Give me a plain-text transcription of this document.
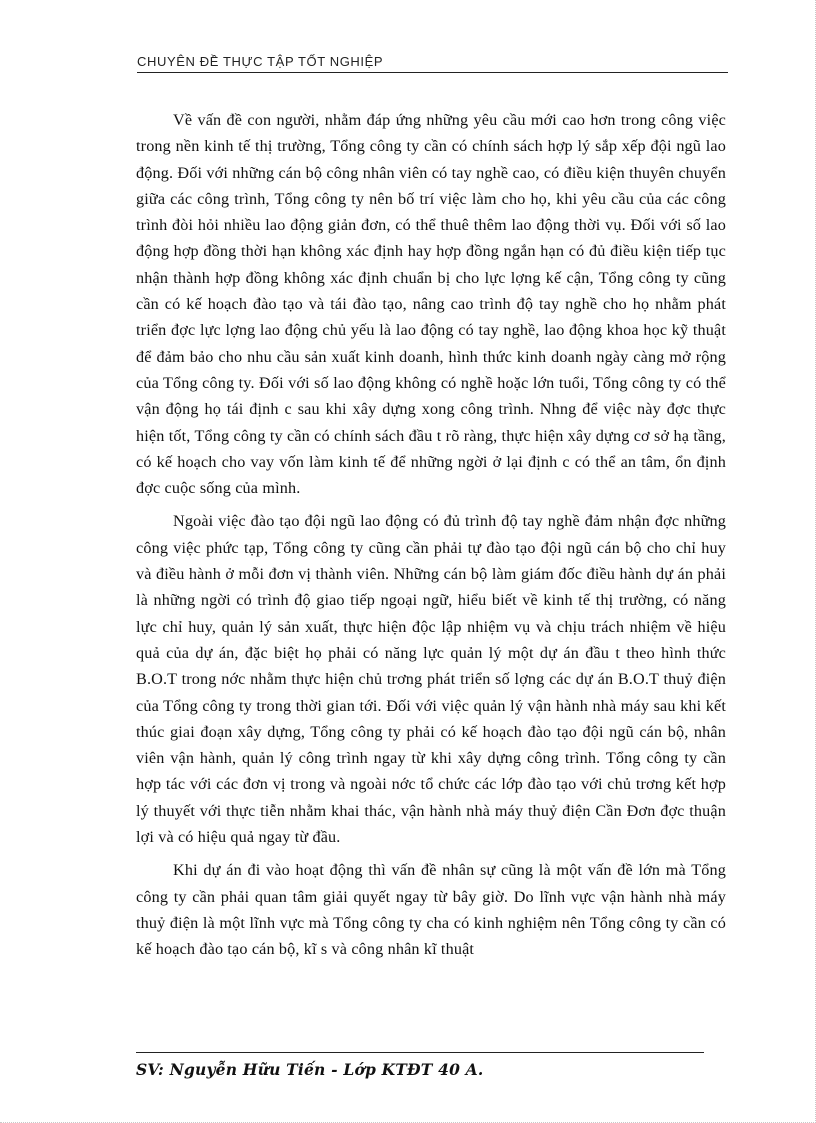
CHUYÊN ĐỀ THỰC TẬP TỐT NGHIỆP

Về vấn đề con người, nhằm đáp ứng những yêu cầu mới cao hơn trong công việc trong nền kinh tế thị trường, Tổng công ty cần có chính sách hợp lý sắp xếp đội ngũ lao động. Đối với những cán bộ công nhân viên có tay nghề cao, có điều kiện thuyên chuyển giữa các công trình, Tổng công ty nên bố trí việc làm cho họ, khi yêu cầu của các công trình đòi hỏi nhiều lao động giản đơn, có thể thuê thêm lao động thời vụ. Đối với số lao động hợp đồng thời hạn không xác định hay hợp đồng ngắn hạn có đủ điều kiện tiếp tục nhận thành hợp đồng không xác định chuẩn bị cho lực lợng kế cận, Tổng công ty cũng cần có kế hoạch đào tạo và tái đào tạo, nâng cao trình độ tay nghề cho họ nhằm phát triển đợc lực lợng lao động chủ yếu là lao động có tay nghề, lao động khoa học kỹ thuật để đảm bảo cho nhu cầu sản xuất kinh doanh, hình thức kinh doanh ngày càng mở rộng của Tổng công ty. Đối với số lao động không có nghề hoặc lớn tuổi, Tổng công ty có thể vận động họ tái định c sau khi xây dựng xong công trình. Nhng để việc này đợc thực hiện tốt, Tổng công ty cần có chính sách đầu t rõ ràng, thực hiện xây dựng cơ sở hạ tầng, có kế hoạch cho vay vốn làm kinh tế để những ngời ở lại định c có thể an tâm, ổn định đợc cuộc sống của mình.

Ngoài việc đào tạo đội ngũ lao động có đủ trình độ tay nghề đảm nhận đợc những công việc phức tạp, Tổng công ty cũng cần phải tự đào tạo đội ngũ cán bộ cho chỉ huy và điều hành ở mỗi đơn vị thành viên. Những cán bộ làm giám đốc điều hành dự án phải là những ngời có trình độ giao tiếp ngoại ngữ, hiểu biết về kinh tế thị trường, có năng lực chỉ huy, quản lý sản xuất, thực hiện độc lập nhiệm vụ và chịu trách nhiệm về hiệu quả của dự án, đặc biệt họ phải có năng lực quản lý một dự án đầu t theo hình thức B.O.T trong nớc nhằm thực hiện chủ trơng phát triển số lợng các dự án B.O.T thuỷ điện của Tổng công ty trong thời gian tới. Đối với việc quản lý vận hành nhà máy sau khi kết thúc giai đoạn xây dựng, Tổng công ty phải có kế hoạch đào tạo đội ngũ cán bộ, nhân viên vận hành, quản lý công trình ngay từ khi xây dựng công trình. Tổng công ty cần hợp tác với các đơn vị trong và ngoài nớc tổ chức các lớp đào tạo với chủ trơng kết hợp lý thuyết với thực tiễn nhằm khai thác, vận hành nhà máy thuỷ điện Cần Đơn đợc thuận lợi và có hiệu quả ngay từ đầu.

Khi dự án đi vào hoạt động thì vấn đề nhân sự cũng là một vấn đề lớn mà Tổng công ty cần phải quan tâm giải quyết ngay từ bây giờ. Do lĩnh vực vận hành nhà máy thuỷ điện là một lĩnh vực mà Tổng công ty cha có kinh nghiệm nên Tổng công ty cần có kế hoạch đào tạo cán bộ, kĩ s và công nhân kĩ thuật

SV: Nguyễn Hữu Tiến - Lớp KTĐT 40 A.
